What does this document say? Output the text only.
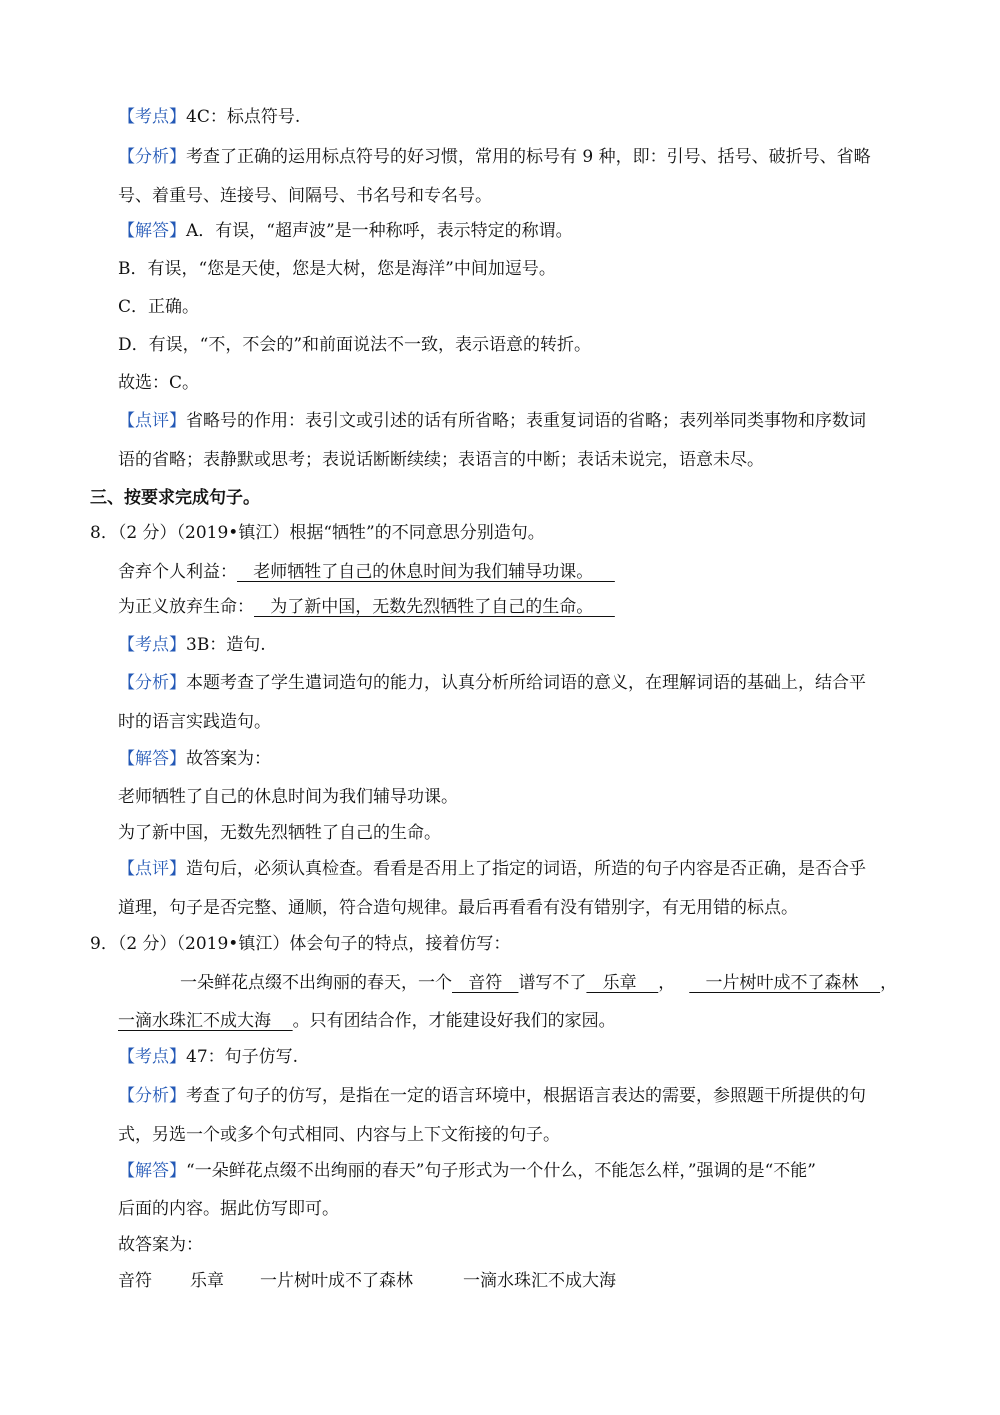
【考点】4C：标点符号.
【分析】考查了正确的运用标点符号的好习惯，常用的标号有 9 种，即：引号、括号、破折号、省略
号、着重号、连接号、间隔号、书名号和专名号。
【解答】A．有误，“超声波”是一种称呼，表示特定的称谓。
B．有误，“您是天使，您是大树，您是海洋”中间加逗号。
C．正确。
D．有误，“不，不会的”和前面说法不一致，表示语意的转折。
故选：C。
【点评】省略号的作用：表引文或引述的话有所省略；表重复词语的省略；表列举同类事物和序数词
语的省略；表静默或思考；表说话断断续续；表语言的中断；表话未说完，语意未尽。
三、按要求完成句子。
8．（2 分）（2019•镇江）根据“牺牲”的不同意思分别造句。
舍弃个人利益：   老师牺牲了自己的休息时间为我们辅导功课。
为正义放弃生命：   为了新中国，无数先烈牺牲了自己的生命。
【考点】3B：造句.
【分析】本题考查了学生遣词造句的能力，认真分析所给词语的意义，在理解词语的基础上，结合平
时的语言实践造句。
【解答】故答案为：
老师牺牲了自己的休息时间为我们辅导功课。
为了新中国，无数先烈牺牲了自己的生命。
【点评】造句后，必须认真检查。看看是否用上了指定的词语，所造的句子内容是否正确，是否合乎
道理，句子是否完整、通顺，符合造句规律。最后再看看有没有错别字，有无用错的标点。
9．（2 分）（2019•镇江）体会句子的特点，接着仿写：
一朵鲜花点缀不出绚丽的春天，一个   音符   谱写不了   乐章    ，   一片树叶成不了森林    ，
一滴水珠汇不成大海    。只有团结合作，才能建设好我们的家园。
【考点】47：句子仿写.
【分析】考查了句子的仿写，是指在一定的语言环境中，根据语言表达的需要，参照题干所提供的句
式，另选一个或多个句式相同、内容与上下文衔接的句子。
【解答】“一朵鲜花点缀不出绚丽的春天”句子形式为一个什么，不能怎么样，”强调的是“不能”
后面的内容。据此仿写即可。
故答案为：
音符 乐章 一片树叶成不了森林	一滴水珠汇不成大海
